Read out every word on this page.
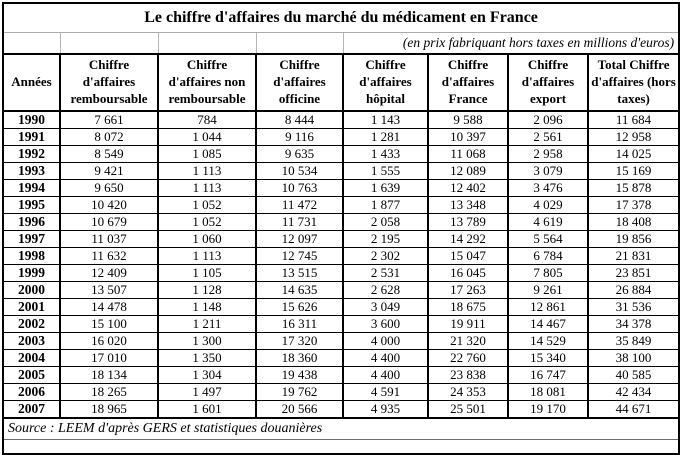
Le chiffre d'affaires du marché du médicament en France							
				(en prix fabriquant hors taxes en millions d'euros)			
Années	Chiffre d'affaires remboursable	Chiffre d'affaires non remboursable	Chiffre d'affaires officine	Chiffre d'affaires hôpital	Chiffre d'affaires France	Chiffre d'affaires export	Total Chiffre d'affaires (hors taxes)
1990	7 661	784	8 444	1 143	9 588	2 096	11 684
1991	8 072	1 044	9 116	1 281	10 397	2 561	12 958
1992	8 549	1 085	9 635	1 433	11 068	2 958	14 025
1993	9 421	1 113	10 534	1 555	12 089	3 079	15 169
1994	9 650	1 113	10 763	1 639	12 402	3 476	15 878
1995	10 420	1 052	11 472	1 877	13 348	4 029	17 378
1996	10 679	1 052	11 731	2 058	13 789	4 619	18 408
1997	11 037	1 060	12 097	2 195	14 292	5 564	19 856
1998	11 632	1 113	12 745	2 302	15 047	6 784	21 831
1999	12 409	1 105	13 515	2 531	16 045	7 805	23 851
2000	13 507	1 128	14 635	2 628	17 263	9 261	26 884
2001	14 478	1 148	15 626	3 049	18 675	12 861	31 536
2002	15 100	1 211	16 311	3 600	19 911	14 467	34 378
2003	16 020	1 300	17 320	4 000	21 320	14 529	35 849
2004	17 010	1 350	18 360	4 400	22 760	15 340	38 100
2005	18 134	1 304	19 438	4 400	23 838	16 747	40 585
2006	18 265	1 497	19 762	4 591	24 353	18 081	42 434
2007	18 965	1 601	20 566	4 935	25 501	19 170	44 671
Source : LEEM d'après GERS et statistiques douanières							
